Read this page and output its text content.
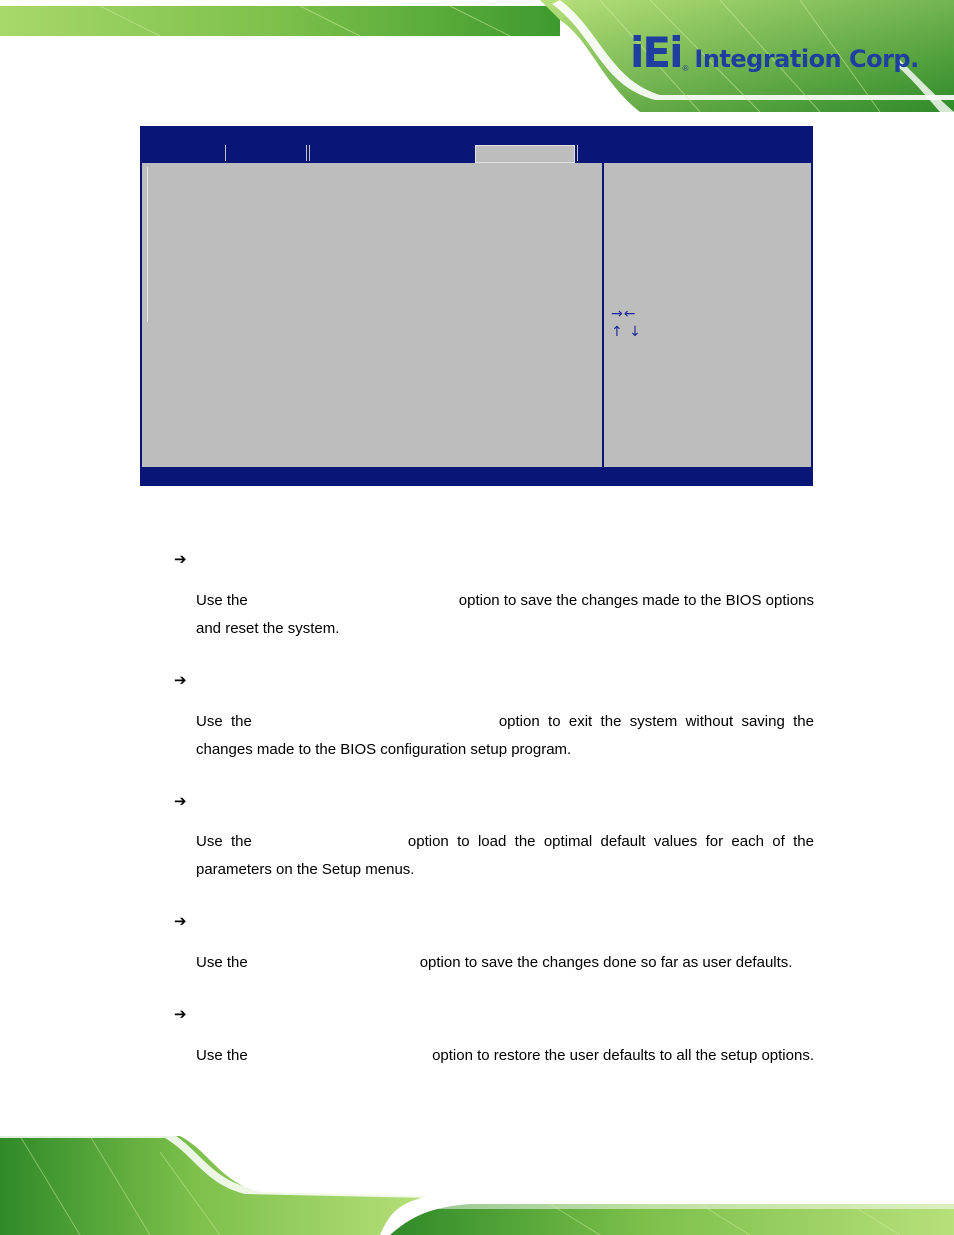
iEi ® Integration Corp.
→←
↑ ↓
➔
Use the	option to save the changes made to the BIOS options
and reset the system.
➔
Use  the	option  to  exit  the  system  without  saving  the
changes made to the BIOS configuration setup program.
➔
Use  the	option  to  load  the  optimal  default  values  for  each  of  the
parameters on the Setup menus.
➔
Use the	option to save the changes done so far as user defaults.
➔
Use the	option to restore the user defaults to all the setup options.
